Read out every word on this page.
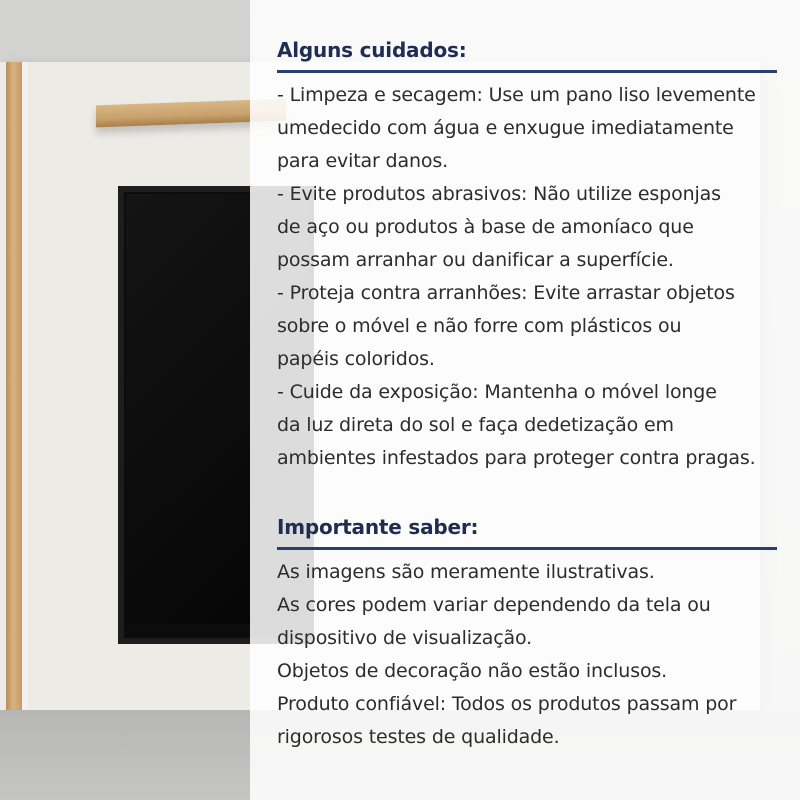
Alguns cuidados:
- Limpeza e secagem: Use um pano liso levemente
umedecido com água e enxugue imediatamente
para evitar danos.
- Evite produtos abrasivos: Não utilize esponjas
de aço ou produtos à base de amoníaco que
possam arranhar ou danificar a superfície.
- Proteja contra arranhões: Evite arrastar objetos
sobre o móvel e não forre com plásticos ou
papéis coloridos.
- Cuide da exposição: Mantenha o móvel longe
da luz direta do sol e faça dedetização em
ambientes infestados para proteger contra pragas.
Importante saber:
As imagens são meramente ilustrativas.
As cores podem variar dependendo da tela ou
dispositivo de visualização.
Objetos de decoração não estão inclusos.
Produto confiável: Todos os produtos passam por
rigorosos testes de qualidade.
